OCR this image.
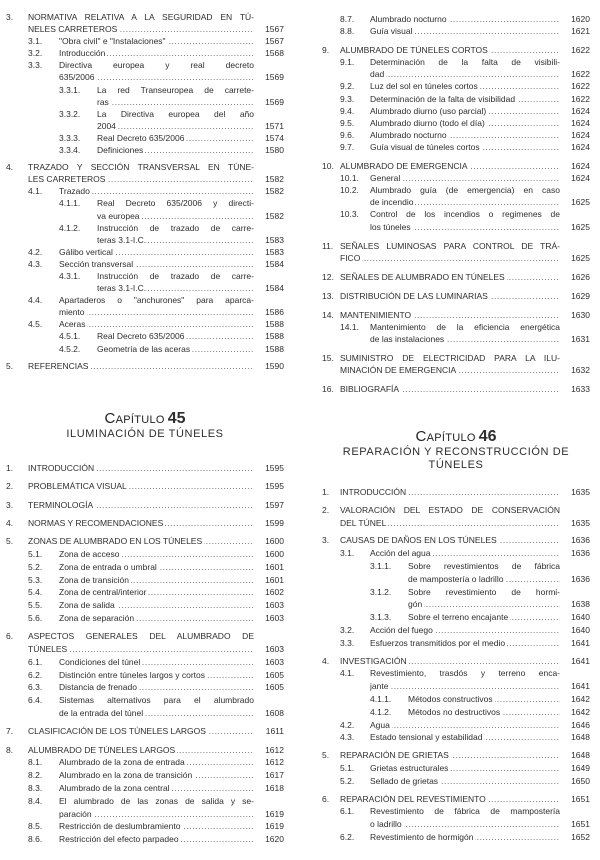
3.	..... NORMATIVA RELATIVA A LA SEGURIDAD EN TÚ-
NELES CARRETEROS	1567
3.1.	..... "Obra civil" e "Instalaciones"	1567
3.2.	..... Introducción	1568
3.3.	..... Directiva europea y real decreto
635/2006	1569
3.3.1.	..... La red Transeuropea de carrete-
ras	1569
3.3.2.	..... La Directiva europea del año
2004	1571
3.3.3.	..... Real Decreto 635/2006	1574
3.3.4.	..... Definiciones	1580
4.	..... TRAZADO Y SECCIÓN TRANSVERSAL EN TÚNE-
LES CARRETEROS	1582
4.1.	..... Trazado	1582
4.1.1.	..... Real Decreto 635/2006 y directi-
va europea	1582
4.1.2.	..... Instrucción de trazado de carre-
teras 3.1-I.C.	1583
4.2.	..... Gálibo vertical	1583
4.3.	..... Sección transversal	1584
4.3.1.	..... Instrucción de trazado de carre-
teras 3.1-I.C.	1584
4.4.	..... Apartaderos o "anchurones" para aparca-
miento	1586
4.5.	..... Aceras	1588
4.5.1.	..... Real Decreto 635/2006	1588
4.5.2.	..... Geometría de las aceras	1588
5.	..... REFERENCIAS	1590
Capítulo 45
ILUMINACIÓN DE TÚNELES
1.	..... INTRODUCCIÓN	1595
2.	..... PROBLEMÁTICA VISUAL	1595
3.	..... TERMINOLOGÍA	1597
4.	..... NORMAS Y RECOMENDACIONES	1599
5.	..... ZONAS DE ALUMBRADO EN LOS TÚNELES	1600
5.1.	..... Zona de acceso	1600
5.2.	..... Zona de entrada o umbral	1601
5.3.	..... Zona de transición	1601
5.4.	..... Zona de central/interior	1602
5.5.	..... Zona de salida	1603
5.6.	..... Zona de separación	1603
6.	..... ASPECTOS GENERALES DEL ALUMBRADO DE
TÚNELES	1603
6.1.	..... Condiciones del túnel	1603
6.2.	..... Distinción entre túneles largos y cortos	1605
6.3.	..... Distancia de frenado	1605
6.4.	..... Sistemas alternativos para el alumbrado
de la entrada del túnel	1608
7.	..... CLASIFICACIÓN DE LOS TÚNELES LARGOS	1611
8.	..... ALUMBRADO DE TÚNELES LARGOS	1612
8.1.	..... Alumbrado de la zona de entrada	1612
8.2.	..... Alumbrado en la zona de transición	1617
8.3.	..... Alumbrado de la zona central	1618
8.4.	..... El alumbrado de las zonas de salida y se-
paración	1619
8.5.	..... Restricción de deslumbramiento	1619
8.6.	..... Restricción del efecto parpadeo	1620
8.7.	..... Alumbrado nocturno	1620
8.8.	..... Guía visual	1621
9.	..... ALUMBRADO DE TÚNELES CORTOS	1622
9.1.	..... Determinación de la falta de visibili-
dad	1622
9.2.	..... Luz del sol en túneles cortos	1622
9.3.	..... Determinación de la falta de visibilidad	1622
9.4.	..... Alumbrado diurno (uso parcial)	1624
9.5.	..... Alumbrado diurno (todo el día)	1624
9.6.	..... Alumbrado nocturno	1624
9.7.	..... Guía visual de túneles cortos	1624
10. ..... ALUMBRADO DE EMERGENCIA	1624
10.1.	..... General	1624
10.2.	..... Alumbrado guía (de emergencia) en caso
de incendio	1625
10.3.	..... Control de los incendios o regimenes de
los túneles	1625
11. ..... SEÑALES LUMINOSAS PARA CONTROL DE TRÁ-
FICO	1625
12. ..... SEÑALES DE ALUMBRADO EN TÚNELES	1626
13. ..... DISTRIBUCIÓN DE LAS LUMINARIAS	1629
14. ..... MANTENIMIENTO	1630
14.1.	..... Mantenimiento de la eficiencia energética
de las instalaciones	1631
15. ..... SUMINISTRO DE ELECTRICIDAD PARA LA ILU-
MINACIÓN DE EMERGENCIA	1632
16. ..... BIBLIOGRAFÍA	1633
Capítulo 46
REPARACIÓN Y RECONSTRUCCIÓN DE
TÚNELES
1.	..... INTRODUCCIÓN	1635
2.	..... VALORACIÓN DEL ESTADO DE CONSERVACIÓN
DEL TÚNEL	1635
3.	..... CAUSAS DE DAÑOS EN LOS TÚNELES	1636
3.1.	..... Acción del agua	1636
3.1.1.	..... Sobre revestimientos de fábrica
de mampostería o ladrillo	1636
3.1.2.	..... Sobre revestimiento de hormi-
gón	1638
3.1.3.	..... Sobre el terreno encajante	1640
3.2.	..... Acción del fuego	1640
3.3.	..... Esfuerzos transmitidos por el medio	1641
4.	..... INVESTIGACIÓN	1641
4.1.	..... Revestimiento, trasdós y terreno enca-
jante	1641
4.1.1.	..... Métodos constructivos	1642
4.1.2.	..... Métodos no destructivos	1642
4.2.	..... Agua	1646
4.3.	..... Estado tensional y estabilidad	1648
5.	..... REPARACIÓN DE GRIETAS	1648
5.1.	..... Grietas estructurales	1649
5.2.	..... Sellado de grietas	1650
6.	..... REPARACIÓN DEL REVESTIMIENTO	1651
6.1.	..... Revestimiento de fábrica de mampostería
o ladrillo	1651
6.2.	..... Revestimiento de hormigón	1652
